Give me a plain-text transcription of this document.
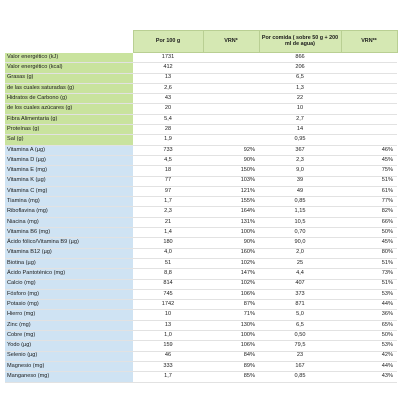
	Por 100 g	VRN*	Por comida ( sobre 50 g + 200 ml de agua)	VRN**
Valor energético (kJ)	1731		866	
Valor energético (kcal)	412		206	
Grasas (g)	13		6,5	
de las cuales saturadas (g)	2,6		1,3	
Hidratos de Carbono (g)	43		22	
de los cuales azúcares (g)	20		10	
Fibra Alimentaria (g)	5,4		2,7	
Proteínas (g)	28		14	
Sal (g)	1,9		0,95	
Vitamina A (µg)	733	92%	367	46%
Vitamina D (µg)	4,5	90%	2,3	45%
Vitamina E (mg)	18	150%	9,0	75%
Vitamina K (µg)	77	103%	39	51%
Vitamina C (mg)	97	121%	49	61%
Tiamina (mg)	1,7	155%	0,85	77%
Riboflavina (mg)	2,3	164%	1,15	82%
Niacina (mg)	21	131%	10,5	66%
Vitamina B6 (mg)	1,4	100%	0,70	50%
Ácido fólico/Vitamina B9 (µg)	180	90%	90,0	45%
Vitamina B12 (µg)	4,0	160%	2,0	80%
Biotina (µg)	51	102%	25	51%
Ácido Pantoténico (mg)	8,8	147%	4,4	73%
Calcio (mg)	814	102%	407	51%
Fósforo (mg)	745	106%	373	53%
Potasio (mg)	1742	87%	871	44%
Hierro (mg)	10	71%	5,0	36%
Zinc (mg)	13	130%	6,5	65%
Cobre (mg)	1,0	100%	0,50	50%
Yodo (µg)	159	106%	79,5	53%
Selenio (µg)	46	84%	23	42%
Magnesio (mg)	333	89%	167	44%
Manganeso (mg)	1,7	85%	0,85	43%
